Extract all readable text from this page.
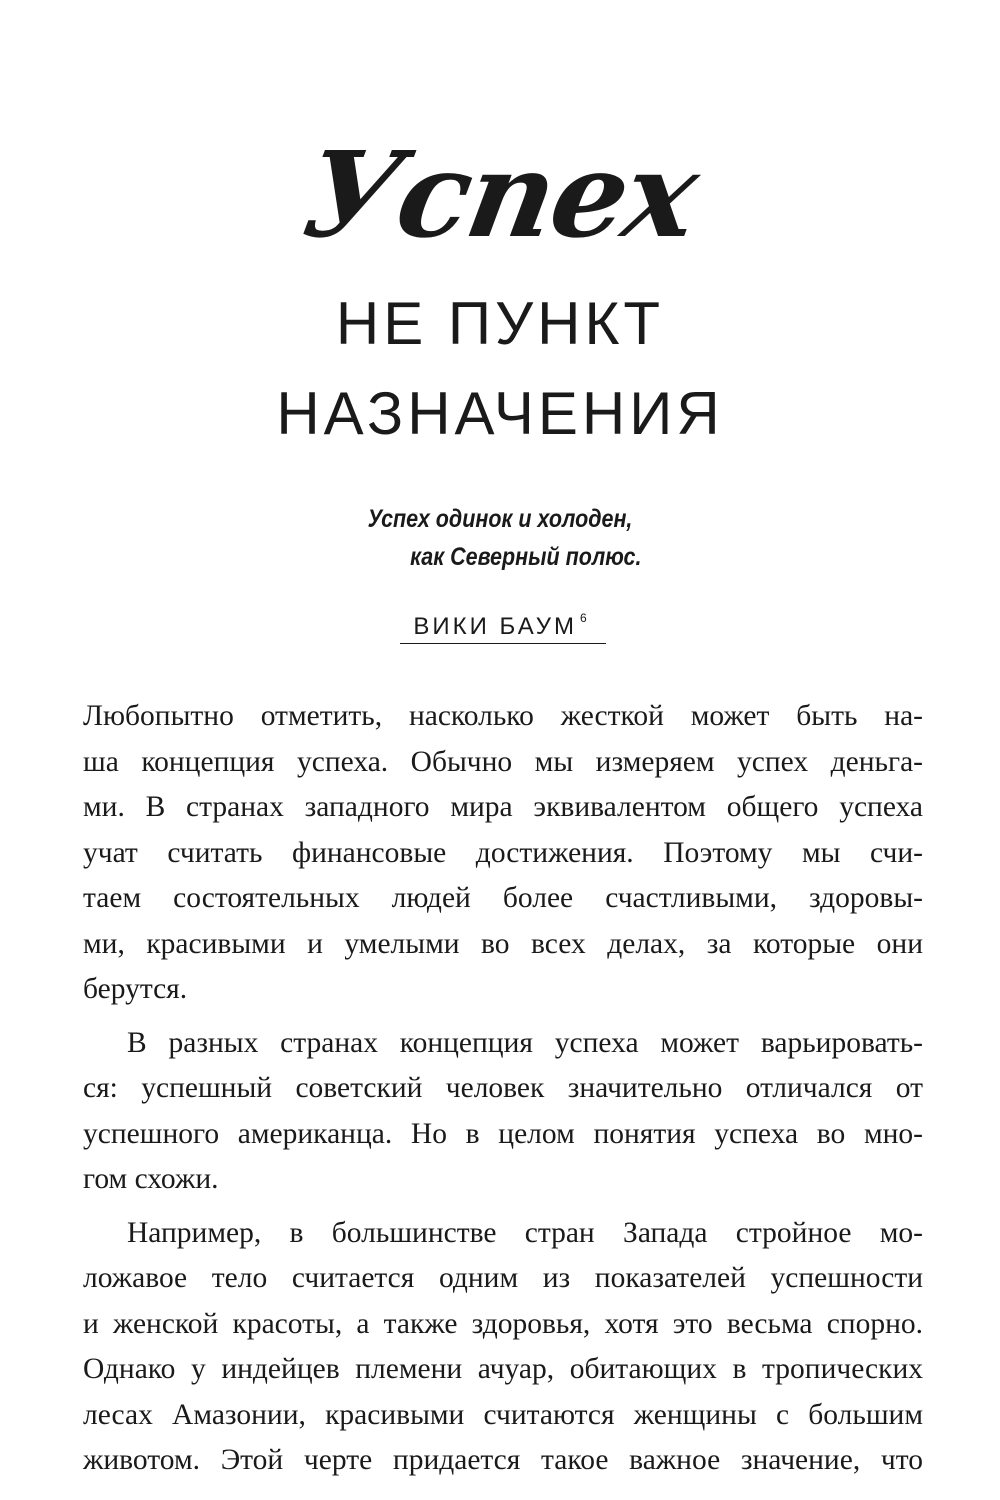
Успех
НЕ ПУНКТ
НАЗНАЧЕНИЯ
Успех одинок и холоден,
как Северный полюс.
ВИКИ БАУМ $^6$
Любопытно отметить, насколько жесткой может быть на-
ша концепция успеха. Обычно мы измеряем успех деньга-
ми. В странах западного мира эквивалентом общего успеха
учат считать финансовые достижения. Поэтому мы счи-
таем состоятельных людей более счастливыми, здоровы-
ми, красивыми и умелыми во всех делах, за которые они
берутся.
В разных странах концепция успеха может варьировать-
ся: успешный советский человек значительно отличался от
успешного американца. Но в целом понятия успеха во мно-
гом схожи.
Например, в большинстве стран Запада стройное мо-
ложавое тело считается одним из показателей успешности
и женской красоты, а также здоровья, хотя это весьма спорно.
Однако у индейцев племени ачуар, обитающих в тропических
лесах Амазонии, красивыми считаются женщины с большим
животом. Этой черте придается такое важное значение, что
